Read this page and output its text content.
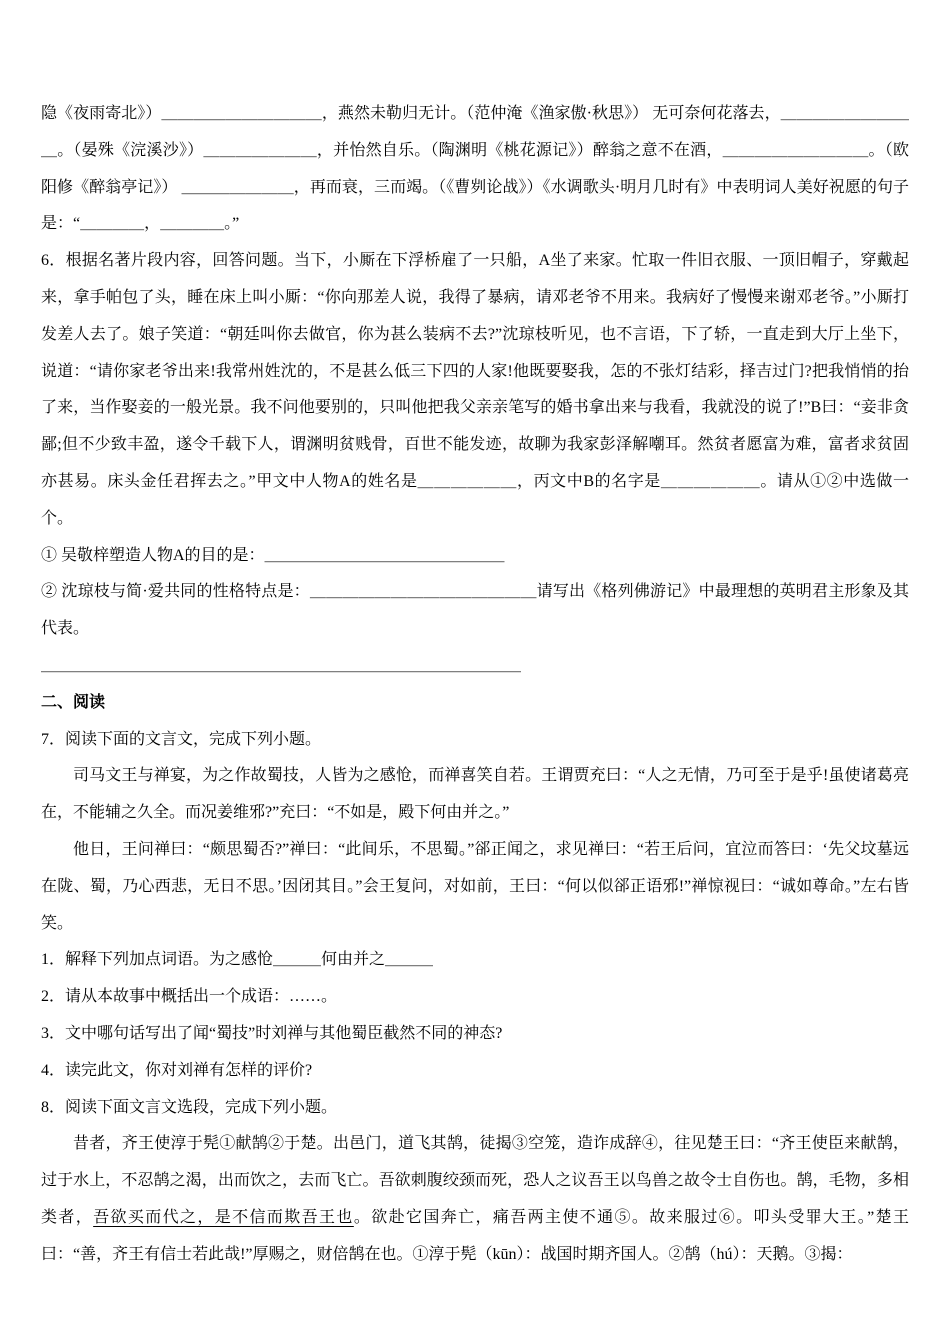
隐《夜雨寄北》）＿＿＿＿＿＿＿＿＿＿，燕然未勒归无计。（范仲淹《渔家傲·秋思》） 无可奈何花落去，＿＿＿＿＿＿＿＿＿。（晏殊《浣溪沙》）＿＿＿＿＿＿＿，并怡然自乐。（陶渊明《桃花源记》）醉翁之意不在酒，＿＿＿＿＿＿＿＿＿。（欧阳修《醉翁亭记》） ＿＿＿＿＿＿＿，再而衰，三而竭。（《曹刿论战》）《水调歌头·明月几时有》中表明词人美好祝愿的句子是：“＿＿＿＿，＿＿＿＿。”
6．根据名著片段内容，回答问题。当下，小厮在下浮桥雇了一只船，A坐了来家。忙取一件旧衣服、一顶旧帽子，穿戴起来，拿手帕包了头，睡在床上叫小厮：“你向那差人说，我得了暴病，请邓老爷不用来。我病好了慢慢来谢邓老爷。”小厮打发差人去了。娘子笑道：“朝廷叫你去做官，你为甚么装病不去?”沈琼枝听见，也不言语，下了轿，一直走到大厅上坐下，说道：“请你家老爷出来!我常州姓沈的，不是甚么低三下四的人家!他既要娶我，怎的不张灯结彩，择吉过门?把我悄悄的抬了来，当作娶妾的一般光景。我不问他要别的，只叫他把我父亲亲笔写的婚书拿出来与我看，我就没的说了!”B曰：“妾非贪鄙;但不少致丰盈，遂令千载下人，谓渊明贫贱骨，百世不能发迹，故聊为我家彭泽解嘲耳。然贫者愿富为难，富者求贫固亦甚易。床头金任君挥去之。”甲文中人物A的姓名是＿＿＿＿＿＿，丙文中B的名字是＿＿＿＿＿＿。请从①②中选做一个。
① 吴敬梓塑造人物A的目的是：＿＿＿＿＿＿＿＿＿＿＿＿＿＿＿
② 沈琼枝与简·爱共同的性格特点是：＿＿＿＿＿＿＿＿＿＿＿＿＿＿请写出《格列佛游记》中最理想的英明君主形象及其代表。
＿＿＿＿＿＿＿＿＿＿＿＿＿＿＿＿＿＿＿＿＿＿＿＿＿＿＿＿＿＿
二、阅读
7．阅读下面的文言文，完成下列小题。
司马文王与禅宴，为之作故蜀技，人皆为之感怆，而禅喜笑自若。王谓贾充曰：“人之无情，乃可至于是乎!虽使诸葛亮在，不能辅之久全。而况姜维邪?”充曰：“不如是，殿下何由并之。”
他日，王问禅曰：“颇思蜀否?”禅曰：“此间乐，不思蜀。”郤正闻之，求见禅曰：“若王后问，宜泣而答曰：‘先父坟墓远在陇、蜀，乃心西悲，无日不思。’因闭其目。”会王复问，对如前，王曰：“何以似郤正语邪!”禅惊视曰：“诚如尊命。”左右皆笑。
1．解释下列加点词语。为之感怆＿＿＿何由并之＿＿＿
2．请从本故事中概括出一个成语：……。
3．文中哪句话写出了闻“蜀技”时刘禅与其他蜀臣截然不同的神态?
4．读完此文，你对刘禅有怎样的评价?
8．阅读下面文言文选段，完成下列小题。
昔者，齐王使淳于髡①献鹄②于楚。出邑门，道飞其鹄，徒揭③空笼，造诈成辞④，往见楚王曰：“齐王使臣来献鹄，过于水上，不忍鹄之渴，出而饮之，去而飞亡。吾欲刺腹绞颈而死，恐人之议吾王以鸟兽之故令士自伤也。鹄，毛物，多相类者，吾欲买而代之，是不信而欺吾王也。欲赴它国奔亡，痛吾两主使不通⑤。故来服过⑥。叩头受罪大王。”楚王曰：“善，齐王有信士若此哉!”厚赐之，财倍鹄在也。①淳于髡（kūn）：战国时期齐国人。②鹄（hú）：天鹅。③揭：
